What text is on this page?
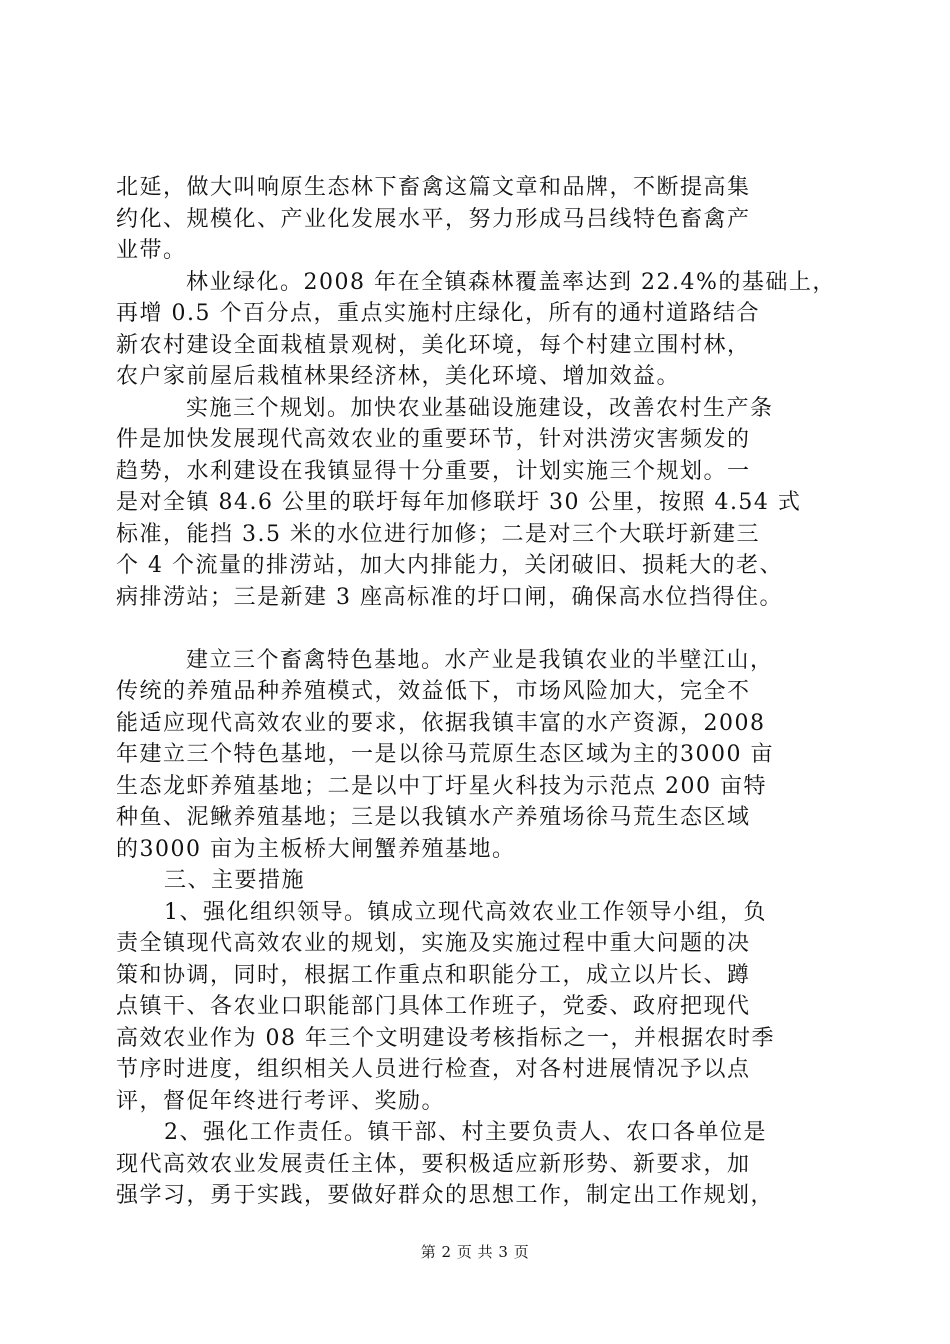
北延，做大叫响原生态林下畜禽这篇文章和品牌，不断提高集
约化、规模化、产业化发展水平，努力形成马吕线特色畜禽产
业带。
林业绿化。2008 年在全镇森林覆盖率达到 22.4%的基础上，
再增 0.5 个百分点，重点实施村庄绿化，所有的通村道路结合
新农村建设全面栽植景观树，美化环境，每个村建立围村林，
农户家前屋后栽植林果经济林，美化环境、增加效益。
实施三个规划。加快农业基础设施建设，改善农村生产条
件是加快发展现代高效农业的重要环节，针对洪涝灾害频发的
趋势，水利建设在我镇显得十分重要，计划实施三个规划。一
是对全镇 84.6 公里的联圩每年加修联圩 30 公里，按照 4.54 式
标准，能挡 3.5 米的水位进行加修；二是对三个大联圩新建三
个 4 个流量的排涝站，加大内排能力，关闭破旧、损耗大的老、
病排涝站；三是新建 3 座高标准的圩口闸，确保高水位挡得住。
建立三个畜禽特色基地。水产业是我镇农业的半壁江山，
传统的养殖品种养殖模式，效益低下，市场风险加大，完全不
能适应现代高效农业的要求，依据我镇丰富的水产资源，2008
年建立三个特色基地，一是以徐马荒原生态区域为主的3000 亩
生态龙虾养殖基地；二是以中丁圩星火科技为示范点 200 亩特
种鱼、泥鳅养殖基地；三是以我镇水产养殖场徐马荒生态区域
的3000 亩为主板桥大闸蟹养殖基地。
三、主要措施
1、强化组织领导。镇成立现代高效农业工作领导小组，负
责全镇现代高效农业的规划，实施及实施过程中重大问题的决
策和协调，同时，根据工作重点和职能分工，成立以片长、蹲
点镇干、各农业口职能部门具体工作班子，党委、政府把现代
高效农业作为 08 年三个文明建设考核指标之一，并根据农时季
节序时进度，组织相关人员进行检查，对各村进展情况予以点
评，督促年终进行考评、奖励。
2、强化工作责任。镇干部、村主要负责人、农口各单位是
现代高效农业发展责任主体，要积极适应新形势、新要求，加
强学习，勇于实践，要做好群众的思想工作，制定出工作规划，
第 2 页 共 3 页
